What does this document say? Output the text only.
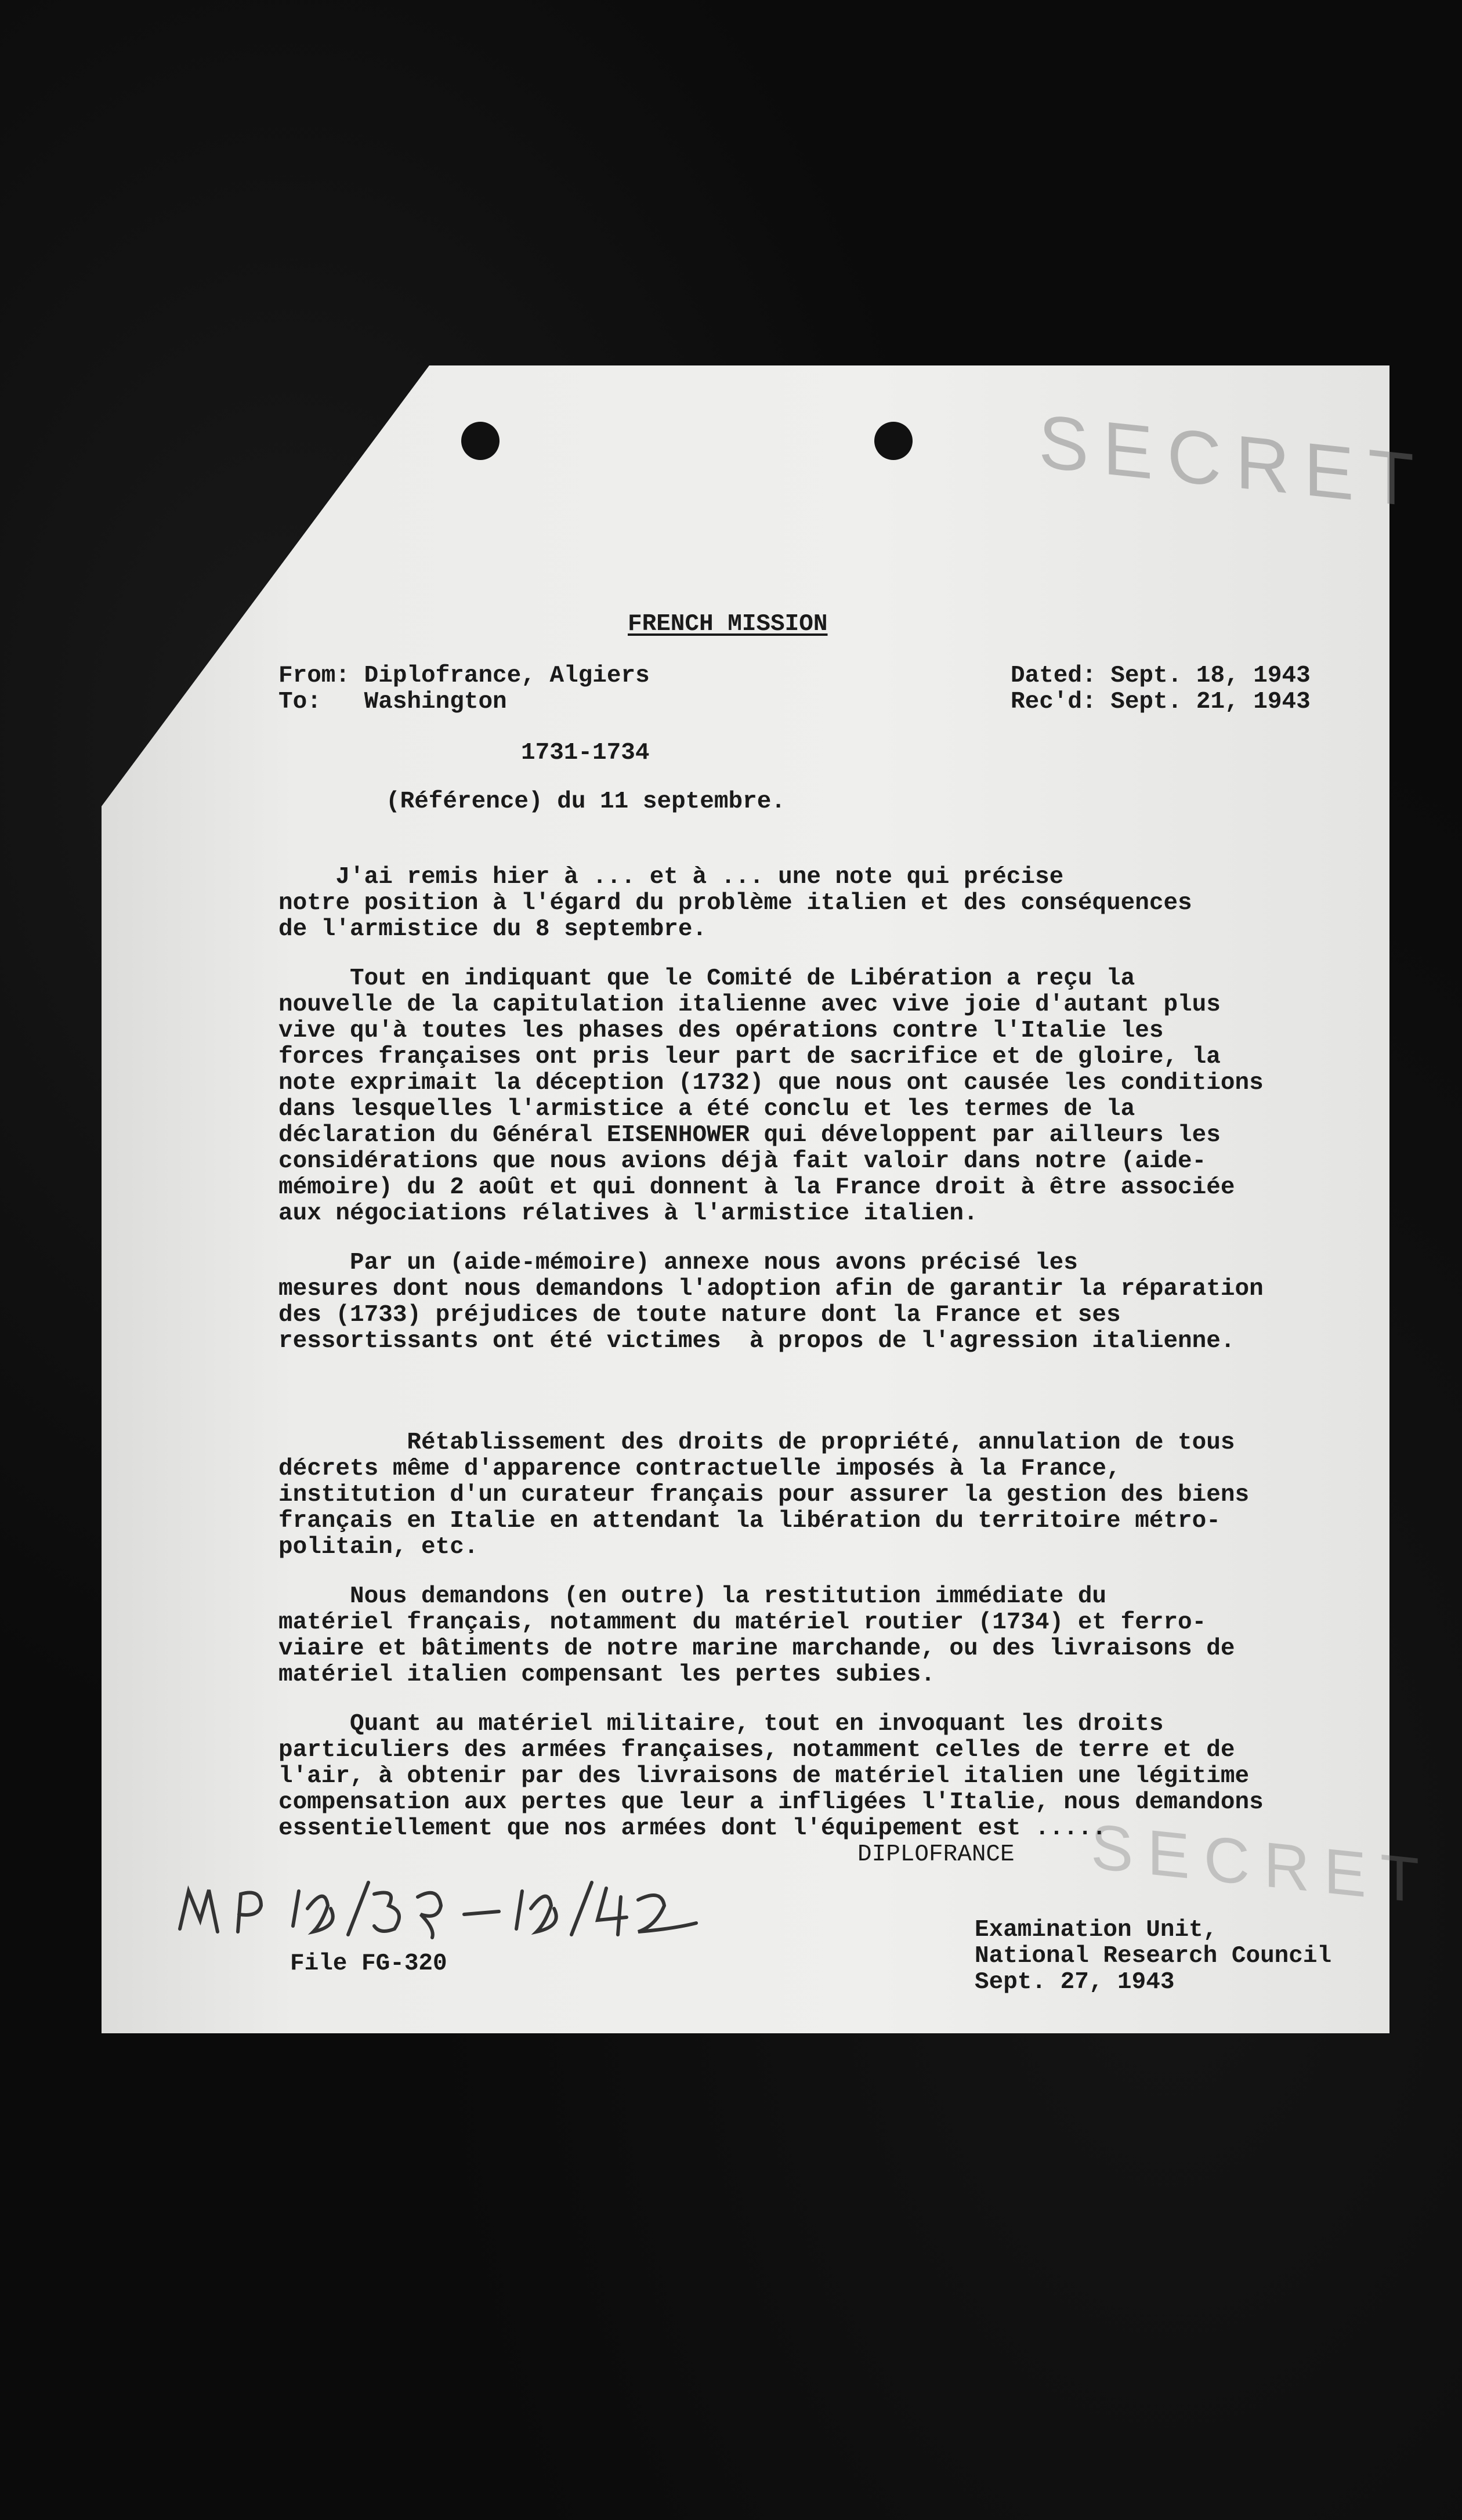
SECRET
SECRET
FRENCH MISSION
From: Diplofrance, Algiers
To:   Washington
Dated: Sept. 18, 1943
Rec'd: Sept. 21, 1943
1731-1734
(Référence) du 11 septembre.

J'ai remis hier à ... et à ... une note qui précise
notre position à l'égard du problème italien et des conséquences
de l'armistice du 8 septembre.

Tout en indiquant que le Comité de Libération a reçu la
nouvelle de la capitulation italienne avec vive joie d'autant plus
vive qu'à toutes les phases des opérations contre l'Italie les
forces françaises ont pris leur part de sacrifice et de gloire, la
note exprimait la déception (1732) que nous ont causée les conditions
dans lesquelles l'armistice a été conclu et les termes de la
déclaration du Général EISENHOWER qui développent par ailleurs les
considérations que nous avions déjà fait valoir dans notre (aide-
mémoire) du 2 août et qui donnent à la France droit à être associée
aux négociations rélatives à l'armistice italien.

Par un (aide-mémoire) annexe nous avons précisé les
mesures dont nous demandons l'adoption afin de garantir la réparation
des (1733) préjudices de toute nature dont la France et ses
ressortissants ont été victimes  à propos de l'agression italienne.

Rétablissement des droits de propriété, annulation de tous
décrets même d'apparence contractuelle imposés à la France,
institution d'un curateur français pour assurer la gestion des biens
français en Italie en attendant la libération du territoire métro-
politain, etc.

Nous demandons (en outre) la restitution immédiate du
matériel français, notamment du matériel routier (1734) et ferro-
viaire et bâtiments de notre marine marchande, ou des livraisons de
matériel italien compensant les pertes subies.

Quant au matériel militaire, tout en invoquant les droits
particuliers des armées françaises, notamment celles de terre et de
l'air, à obtenir par des livraisons de matériel italien une légitime
compensation aux pertes que leur a infligées l'Italie, nous demandons
essentiellement que nos armées dont l'équipement est .....

DIPLOFRANCE

Examination Unit,
National Research Council
Sept. 27, 1943

File FG-320
